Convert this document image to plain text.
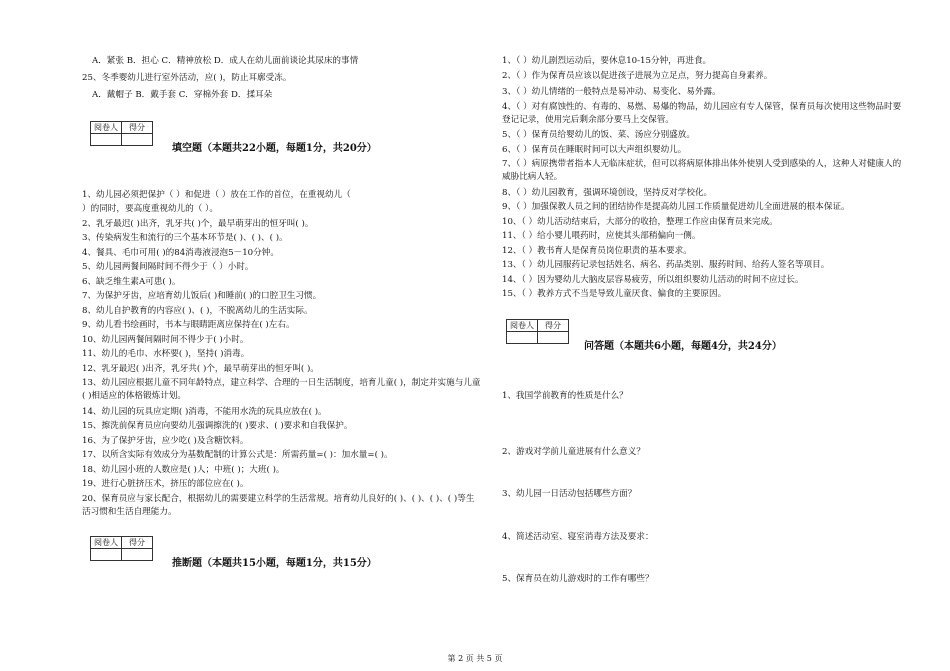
A．紧张 B．担心 C．精神放松 D．成人在幼儿面前谈论其尿床的事情
25、冬季婴幼儿进行室外活动，应( )，防止耳廓受冻。
A．戴帽子 B．戴手套 C．穿棉外套 D．揉耳朵
阅卷人	得分

填空题（本题共22小题，每题1分，共20分）
1、幼儿园必须把保护（ ）和促进（ ）放在工作的首位，在重视幼儿（
）的同时，要高度重视幼儿的（ ）。
2、乳牙最迟( )出齐，乳牙共( )个，最早萌芽出的恒牙叫( )。
3、传染病发生和流行的三个基本环节是( )、( )、( )。
4、餐具、毛巾可用( )的84消毒液浸泡5－10分钟。
5、幼儿园两餐间隔时间不得少于（ ）小时。
6、缺乏维生素A可患( )。
7、为保护牙齿，应培育幼儿饭后( )和睡前( )的口腔卫生习惯。
8、幼儿自护教育的内容应( )、( )，不脱离幼儿的生活实际。
9、幼儿看书绘画时，书本与眼睛距离应保持在( )左右。
10、幼儿园两餐间隔时间不得少于( )小时。
11、幼儿的毛巾、水杯要( )，坚持( )消毒。
12、乳牙最迟( )出齐，乳牙共( )个，最早萌芽出的恒牙叫( )。
13、幼儿园应根据儿童不同年龄特点，建立科学、合理的一日生活制度，培育儿童( )，制定并实施与儿童( )相适应的体格锻炼计划。
14、幼儿园的玩具应定期( )消毒，不能用水洗的玩具应放在( )。
15、擦洗前保育员应向要幼儿强调擦洗的( )要求、( )要求和自我保护。
16、为了保护牙齿，应少吃( )及含糖饮料。
17、以所含实际有效成分为基数配制的计算公式是：所需药量=( )：加水量=( )。
18、幼儿园小班的人数应是( )人；中班( )；大班( )。
19、进行心脏挤压术，挤压的部位应在( )。
20、保育员应与家长配合，根据幼儿的需要建立科学的生活常规。培育幼儿良好的( )、( )、( )、( )等生活习惯和生活自理能力。
阅卷人	得分

推断题（本题共15小题，每题1分，共15分）
1、（ ）幼儿剧烈运动后，要休息10-15分钟，再进食。
2、（ ）作为保育员应该以促进孩子进展为立足点，努力提高自身素养。
3、（ ）幼儿情绪的一般特点是易冲动、易变化、易外露。
4、（ ）对有腐蚀性的、有毒的、易燃、易爆的物品，幼儿园应有专人保管，保育员每次使用这些物品时要登记记录，使用完后剩余部分要马上交保管。
5、（ ）保育员给婴幼儿的饭、菜、汤应分别盛放。
6、（ ）保育员在睡眠时间可以大声组织婴幼儿。
7、（ ）病原携带者指本人无临床症状，但可以将病原体排出体外使别人受到感染的人，这种人对健康人的威胁比病人轻。
8、（ ）幼儿园教育，强调环境创设，坚持反对学校化。
9、（ ）加强保教人员之间的团结协作是提高幼儿园工作质量促进幼儿全面进展的根本保证。
10、（ ）幼儿活动结束后，大部分的收拾，整理工作应由保育员来完成。
11、（ ）给小婴儿喂药时，应使其头部稍偏向一侧。
12、（ ）教书育人是保育员岗位职责的基本要求。
13、（ ）幼儿园服药记录包括姓名、病名、药品类别、服药时间、给药人签名等项目。
14、（ ）因为婴幼儿大脑皮层容易疲劳，所以组织婴幼儿活动的时间不应过长。
15、（ ）教养方式不当是导致儿童厌食、偏食的主要原因。
阅卷人	得分

问答题（本题共6小题，每题4分，共24分）
1、我国学前教育的性质是什么？
2、游戏对学前儿童进展有什么意义？
3、幼儿园一日活动包括哪些方面？
4、简述活动室、寝室消毒方法及要求：
5、保育员在幼儿游戏时的工作有哪些？
第 2 页 共 5 页
